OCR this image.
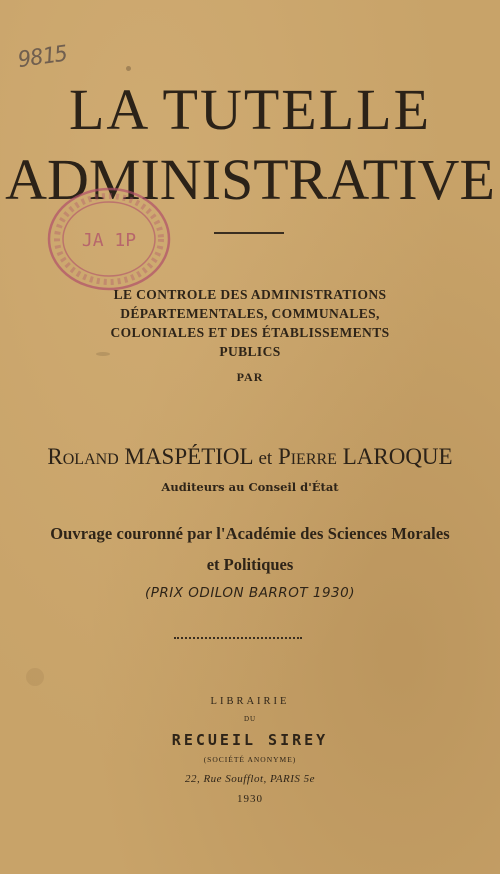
9815
LA TUTELLE
ADMINISTRATIVE
JA 1P
LE CONTROLE DES ADMINISTRATIONS
DÉPARTEMENTALES, COMMUNALES,
COLONIALES ET DES ÉTABLISSEMENTS
PUBLICS
PAR
Roland MASPÉTIOL et Pierre LAROQUE
Auditeurs au Conseil d'État
Ouvrage couronné par l'Académie des Sciences Morales
et Politiques
(PRIX ODILON BARROT 1930)
LIBRAIRIE
DU
RECUEIL SIREY
(SOCIÉTÉ ANONYME)
22, Rue Soufflot, PARIS 5e
1930
